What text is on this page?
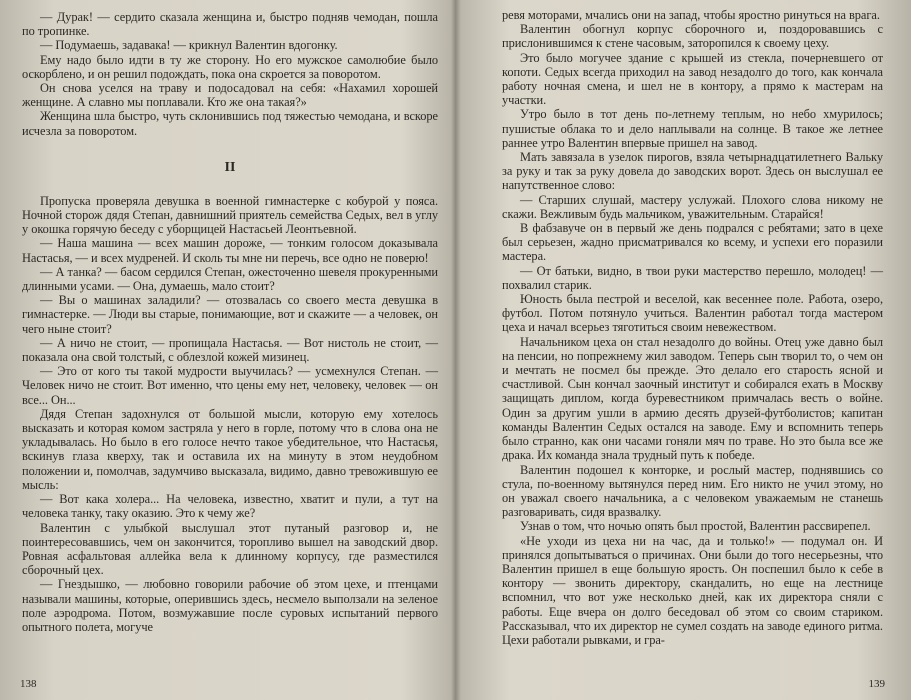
— Дурак! — сердито сказала женщина и, быстро подняв чемодан, пошла по тропинке.

— Подумаешь, задавака! — крикнул Валентин вдогонку.

Ему надо было идти в ту же сторону. Но его мужское самолюбие было оскорблено, и он решил подождать, пока она скроется за поворотом.

Он снова уселся на траву и подосадовал на себя: «Нахамил хорошей женщине. А славно мы поплавали. Кто же она такая?»

Женщина шла быстро, чуть склонившись под тяжестью чемодана, и вскоре исчезла за поворотом.

II

Пропуска проверяла девушка в военной гимнастерке с кобурой у пояса. Ночной сторож дядя Степан, давнишний приятель семейства Седых, вел в углу у окошка горячую беседу с уборщицей Настасьей Леонтьевной.

— Наша машина — всех машин дороже, — тонким голосом доказывала Настасья, — и всех мудреней. И сколь ты мне ни перечь, все одно не поверю!

— А танка? — басом сердился Степан, ожесточенно шевеля прокуренными длинными усами. — Она, думаешь, мало стоит?

— Вы о машинах заладили? — отозвалась со своего места девушка в гимнастерке. — Люди вы старые, понимающие, вот и скажите — а человек, он чего ныне стоит?

— А ничо не стоит, — пропищала Настасья. — Вот нистоль не стоит, — показала она свой толстый, с облезлой кожей мизинец.

— Это от кого ты такой мудрости выучилась? — усмехнулся Степан. — Человек ничо не стоит. Вот именно, что цены ему нет, человеку, человек — он все... Он...

Дядя Степан задохнулся от большой мысли, которую ему хотелось высказать и которая комом застряла у него в горле, потому что в слова она не укладывалась. Но было в его голосе нечто такое убедительное, что Настасья, вскинув глаза кверху, так и оставила их на минуту в этом неудобном положении и, помолчав, задумчиво высказала, видимо, давно тревожившую ее мысль:

— Вот кака холера... На человека, известно, хватит и пули, а тут на человека танку, таку оказию. Это к чему же?

Валентин с улыбкой выслушал этот путаный разговор и, не поинтересовавшись, чем он закончится, торопливо вышел на заводский двор. Ровная асфальтовая аллейка вела к длинному корпусу, где разместился сборочный цех.

— Гнездышко, — любовно говорили рабочие об этом цехе, и птенцами называли машины, которые, оперившись здесь, несмело выползали на зеленое поле аэродрома. Потом, возмужавшие после суровых испытаний первого опытного полета, могуче

138

ревя моторами, мчались они на запад, чтобы яростно ринуться на врага.

Валентин обогнул корпус сборочного и, поздоровавшись с прислонившимся к стене часовым, заторопился к своему цеху.

Это было могучее здание с крышей из стекла, почерневшего от копоти. Седых всегда приходил на завод незадолго до того, как кончала работу ночная смена, и шел не в контору, а прямо к мастерам на участки.

Утро было в тот день по-летнему теплым, но небо хмурилось; пушистые облака то и дело наплывали на солнце. В такое же летнее раннее утро Валентин впервые пришел на завод.

Мать завязала в узелок пирогов, взяла четырнадцатилетнего Вальку за руку и так за руку довела до заводских ворот. Здесь он выслушал ее напутственное слово:

— Старших слушай, мастеру услужай. Плохого слова никому не скажи. Вежливым будь мальчиком, уважительным. Старайся!

В фабзавуче он в первый же день подрался с ребятами; зато в цехе был серьезен, жадно присматривался ко всему, и успехи его поразили мастера.

— От батьки, видно, в твои руки мастерство перешло, молодец! — похвалил старик.

Юность была пестрой и веселой, как весеннее поле. Работа, озеро, футбол. Потом потянуло учиться. Валентин работал тогда мастером цеха и начал всерьез тяготиться своим невежеством.

Начальником цеха он стал незадолго до войны. Отец уже давно был на пенсии, но попрежнему жил заводом. Теперь сын творил то, о чем он и мечтать не посмел бы прежде. Это делало его старость ясной и счастливой. Сын кончал заочный институт и собирался ехать в Москву защищать диплом, когда буревестником примчалась весть о войне. Один за другим ушли в армию десять друзей-футболистов; капитан команды Валентин Седых остался на заводе. Ему и вспомнить теперь было странно, как они часами гоняли мяч по траве. Но это была все же драка. Их команда знала трудный путь к победе.

Валентин подошел к конторке, и рослый мастер, поднявшись со стула, по-военному вытянулся перед ним. Его никто не учил этому, но он уважал своего начальника, а с человеком уважаемым не станешь разговаривать, сидя вразвалку.

Узнав о том, что ночью опять был простой, Валентин рассвирепел.

«Не уходи из цеха ни на час, да и только!» — подумал он. И принялся допытываться о причинах. Они были до того несерьезны, что Валентин пришел в еще большую ярость. Он поспешил было к себе в контору — звонить директору, скандалить, но еще на лестнице вспомнил, что вот уже несколько дней, как их директора сняли с работы. Еще вчера он долго беседовал об этом со своим стариком. Рассказывал, что их директор не сумел создать на заводе единого ритма. Цехи работали рывками, и гра-

139
